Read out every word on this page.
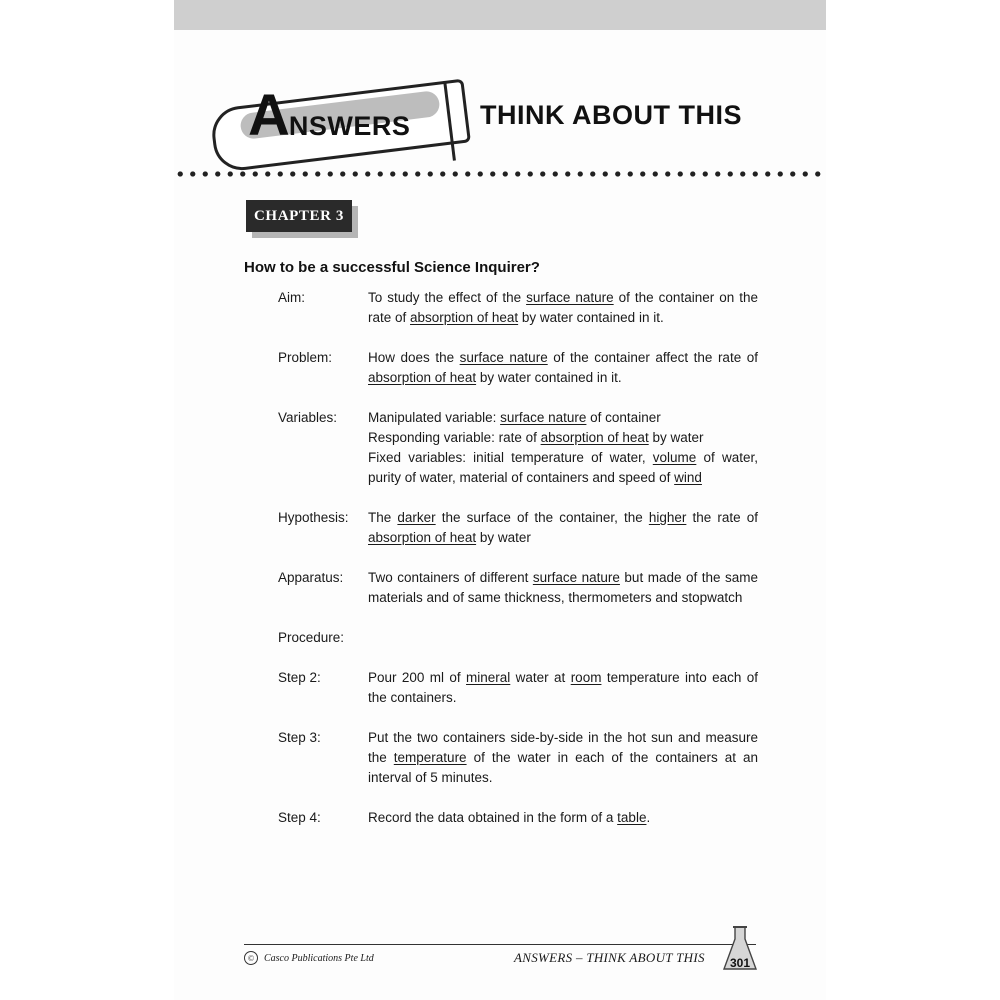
ANSWERS	THINK ABOUT THIS
CHAPTER 3
How to be a successful Science Inquirer?
Aim:	To study the effect of the surface nature of the container on the rate of absorption of heat by water contained in it.
Problem:	How does the surface nature of the container affect the rate of absorption of heat by water contained in it.
Variables:	Manipulated variable: surface nature of container
Responding variable: rate of absorption of heat by water
Fixed variables: initial temperature of water, volume of water, purity of water, material of containers and speed of wind
Hypothesis:	The darker the surface of the container, the higher the rate of absorption of heat by water
Apparatus:	Two containers of different surface nature but made of the same materials and of same thickness, thermometers and stopwatch
Procedure:
Step 2:	Pour 200 ml of mineral water at room temperature into each of the containers.
Step 3:	Put the two containers side-by-side in the hot sun and measure the temperature of the water in each of the containers at an interval of 5 minutes.
Step 4:	Record the data obtained in the form of a table.
© Casco Publications Pte Ltd	ANSWERS – THINK ABOUT THIS	301
